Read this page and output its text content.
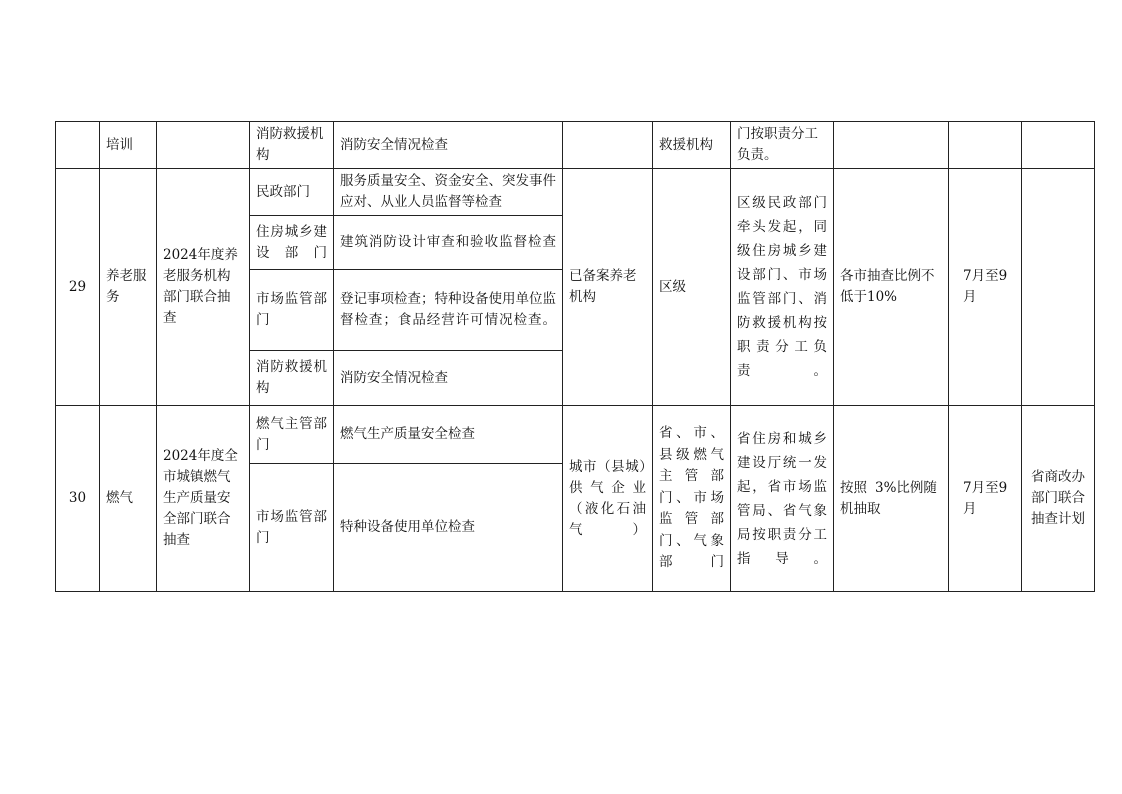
	培训		消防救援机构	消防安全情况检查		救援机构	门按职责分工负责。			
29	养老服务	2024年度养老服务机构部门联合抽查	民政部门	服务质量安全、资金安全、突发事件应对、从业人员监督等检查	已备案养老机构	区级	区级民政部门牵头发起，同级住房城乡建设部门、市场监管部门、消防救援机构按职责分工负责。	各市抽查比例不低于10%	7月至9月	
			住房城乡建设部门	建筑消防设计审查和验收监督检查						
			市场监管部门	登记事项检查；特种设备使用单位监督检查；食品经营许可情况检查。						
			消防救援机构	消防安全情况检查						
30	燃气	2024年度全市城镇燃气生产质量安全部门联合抽查	燃气主管部门	燃气生产质量安全检查	城市（县城）供气企业（液化石油气）	省、市、县级燃气主管部门、市场监管部门、气象部门	省住房和城乡建设厅统一发起，省市场监管局、省气象局按职责分工指导。	按照 3%比例随机抽取	7月至9月	省商改办部门联合抽查计划
			市场监管部门	特种设备使用单位检查						
